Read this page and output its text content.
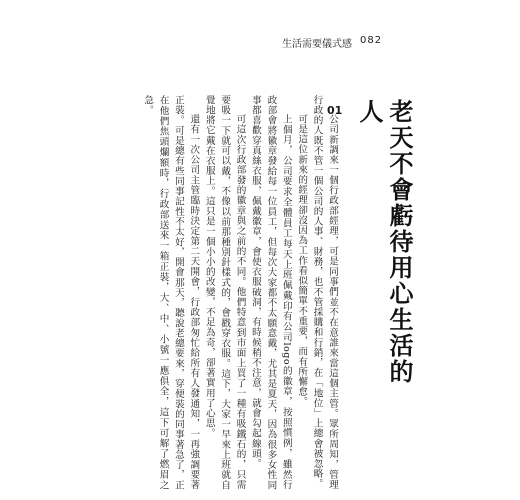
生活需要儀式感 082
老天不會虧待用心生活的人
01

公司新調來一個行政部經理，可是同事們並不在意誰來當這個主管。眾所周知，管理行政的人既不管一個公司的人事、財務，也不管採購和行銷，在「地位」上總會被忽略。

可是這位新來的經理卻沒因為工作看似簡單不重要，而有所懈怠。

上個月，公司要求全體員工每天上班佩戴印有公司logo的徽章，按照慣例，雖然行政部會將徽章發給每一位員工，但每次大家都不太願意戴，尤其是夏天，因為很多女性同事都喜歡穿真絲衣服，佩戴徽章，會使衣服破洞，有時候稍不注意，就會勾起線頭。

可這次行政部發的徽章與之前的不同。他們特意到市面上買了一種有吸鐵石的，只需要吸一下就可以戴，不像以前那種別針樣式的，會戳穿衣服。這下，大家一早來上班就自覺地將它戴在衣服上。這只是一個小小的改變，不足為奇，卻著實用了心思。

還有一次公司主管臨時決定第二天開會，行政部匆忙給所有人發通知，一再強調要著正裝。可是總有些同事記性不太好，開會那天，聽說老總要來，穿便裝的同事著急了，正在他們焦頭爛額時，行政部送來一箱正裝，大、中、小號一應俱全，這下可解了燃眉之急。
